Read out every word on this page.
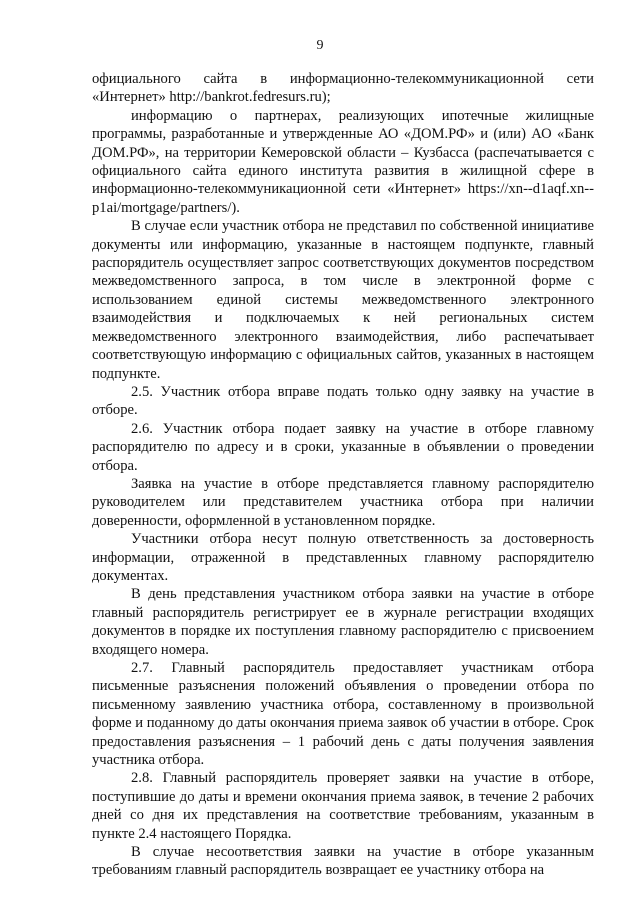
9

официального сайта в информационно-телекоммуникационной сети «Интернет» http://bankrot.fedresurs.ru);

информацию о партнерах, реализующих ипотечные жилищные программы, разработанные и утвержденные АО «ДОМ.РФ» и (или) АО «Банк ДОМ.РФ», на территории Кемеровской области – Кузбасса (распечатывается с официального сайта единого института развития в жилищной сфере в информационно-телекоммуникационной сети «Интернет» https://xn--d1aqf.xn--p1ai/mortgage/partners/).

В случае если участник отбора не представил по собственной инициативе документы или информацию, указанные в настоящем подпункте, главный распорядитель осуществляет запрос соответствующих документов посредством межведомственного запроса, в том числе в электронной форме с использованием единой системы межведомственного электронного взаимодействия и подключаемых к ней региональных систем межведомственного электронного взаимодействия, либо распечатывает соответствующую информацию с официальных сайтов, указанных в настоящем подпункте.

2.5. Участник отбора вправе подать только одну заявку на участие в отборе.

2.6. Участник отбора подает заявку на участие в отборе главному распорядителю по адресу и в сроки, указанные в объявлении о проведении отбора.

Заявка на участие в отборе представляется главному распорядителю руководителем или представителем участника отбора при наличии доверенности, оформленной в установленном порядке.

Участники отбора несут полную ответственность за достоверность информации, отраженной в представленных главному распорядителю документах.

В день представления участником отбора заявки на участие в отборе главный распорядитель регистрирует ее в журнале регистрации входящих документов в порядке их поступления главному распорядителю с присвоением входящего номера.

2.7. Главный распорядитель предоставляет участникам отбора письменные разъяснения положений объявления о проведении отбора по письменному заявлению участника отбора, составленному в произвольной форме и поданному до даты окончания приема заявок об участии в отборе. Срок предоставления разъяснения – 1 рабочий день с даты получения заявления участника отбора.

2.8. Главный распорядитель проверяет заявки на участие в отборе, поступившие до даты и времени окончания приема заявок, в течение 2 рабочих дней со дня их представления на соответствие требованиям, указанным в пункте 2.4 настоящего Порядка.

В случае несоответствия заявки на участие в отборе указанным требованиям главный распорядитель возвращает ее участнику отбора на
